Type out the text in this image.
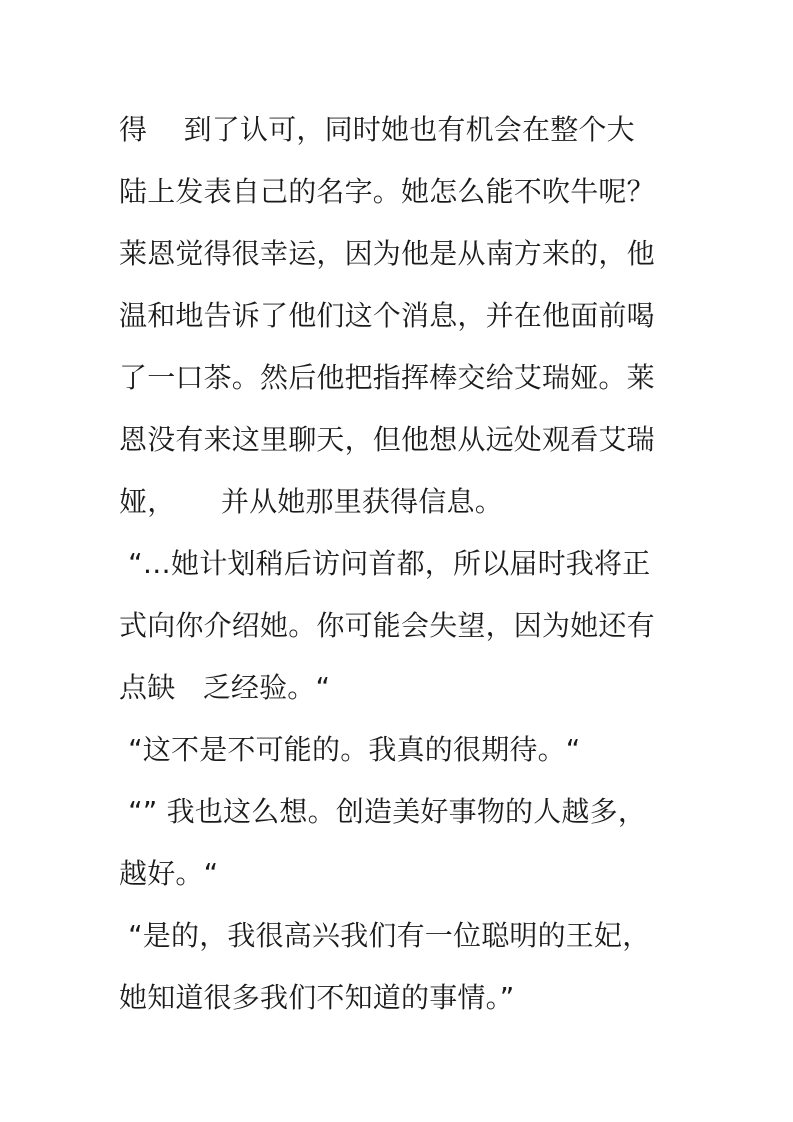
得    到了认可，同时她也有机会在整个大
陆上发表自己的名字。她怎么能不吹牛呢？
莱恩觉得很幸运，因为他是从南方来的，他
温和地告诉了他们这个消息，并在他面前喝
了一口茶。然后他把指挥棒交给艾瑞娅。莱
恩没有来这里聊天，但他想从远处观看艾瑞
娅，     并从她那里获得信息。
“…她计划稍后访问首都，所以届时我将正
式向你介绍她。你可能会失望，因为她还有
点缺   乏经验。“
“这不是不可能的。我真的很期待。“
“” 我也这么想。创造美好事物的人越多，
越好。“
“是的，我很高兴我们有一位聪明的王妃，
她知道很多我们不知道的事情。”
